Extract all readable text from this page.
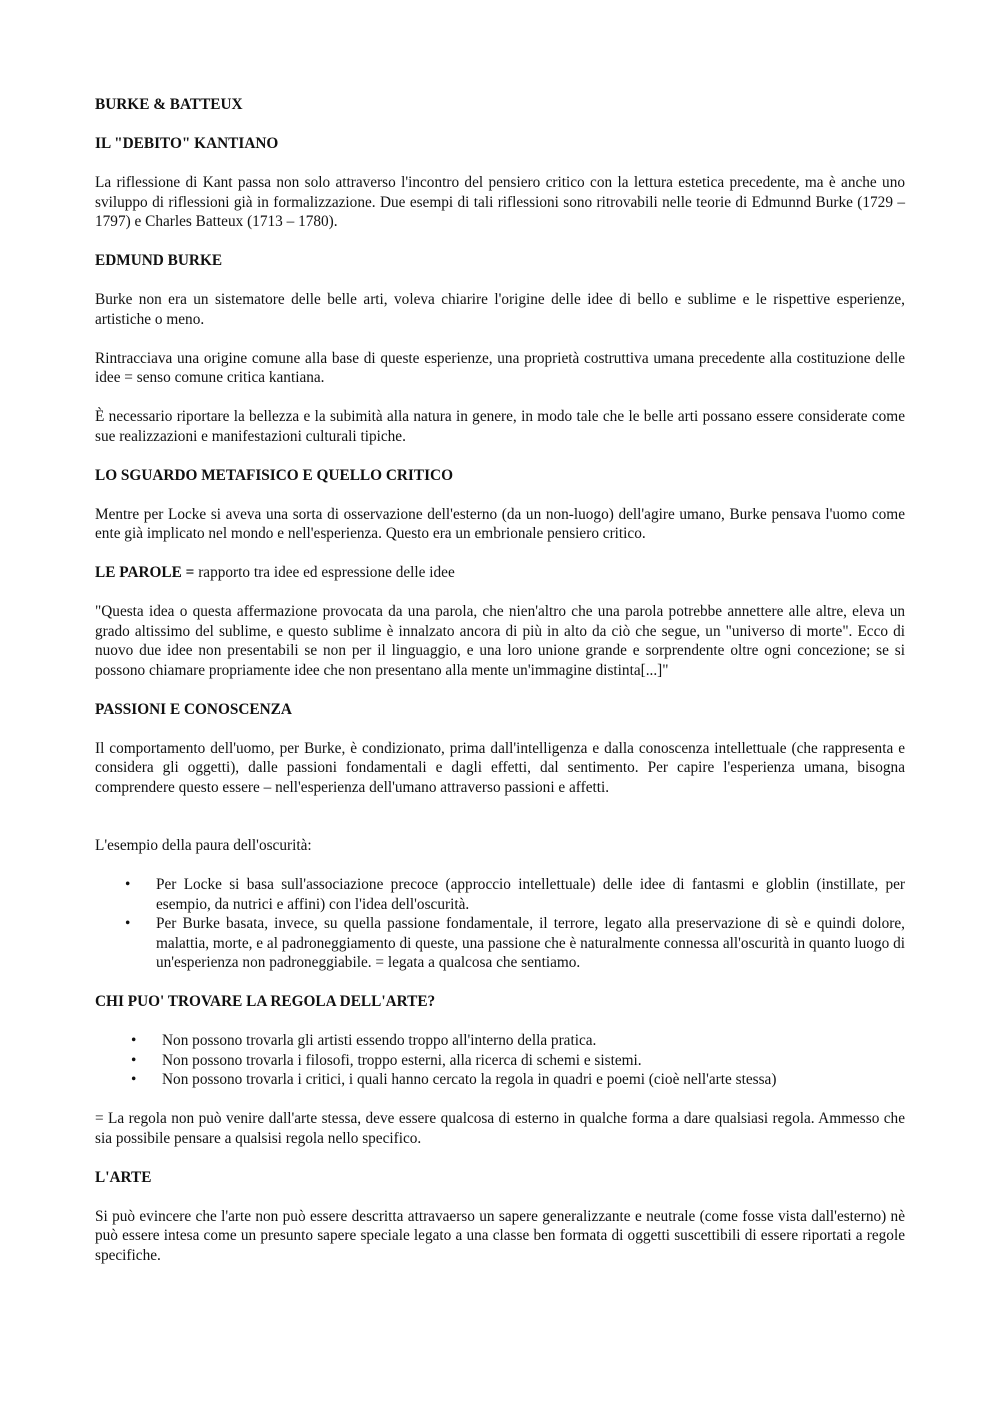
BURKE & BATTEUX
IL "DEBITO" KANTIANO

La riflessione di Kant passa non solo attraverso l'incontro del pensiero critico con la lettura estetica precedente, ma è anche uno sviluppo di riflessioni già in formalizzazione. Due esempi di tali riflessioni sono ritrovabili nelle teorie di Edmunnd Burke (1729 – 1797) e Charles Batteux (1713 – 1780).

EDMUND BURKE

Burke non era un sistematore delle belle arti, voleva chiarire l'origine delle idee di bello e sublime e le rispettive esperienze, artistiche o meno.

Rintracciava una origine comune alla base di queste esperienze, una proprietà costruttiva umana precedente alla costituzione delle idee = senso comune critica kantiana.

È necessario riportare la bellezza e la subimità alla natura in genere, in modo tale che le belle arti possano essere considerate come sue realizzazioni e manifestazioni culturali tipiche.

LO SGUARDO METAFISICO E QUELLO CRITICO

Mentre per Locke si aveva una sorta di osservazione dell'esterno (da un non-luogo) dell'agire umano, Burke pensava l'uomo come ente già implicato nel mondo e nell'esperienza. Questo era un embrionale pensiero critico.

LE PAROLE = rapporto tra idee ed espressione delle idee

"Questa idea o questa affermazione provocata da una parola, che nien'altro che una parola potrebbe annettere alle altre, eleva un grado altissimo del sublime, e questo sublime è innalzato ancora di più in alto da ciò che segue, un "universo di morte". Ecco di nuovo due idee non presentabili se non per il linguaggio, e una loro unione grande e sorprendente oltre ogni concezione; se si possono chiamare propriamente idee che non presentano alla mente un'immagine distinta[...]"

PASSIONI E CONOSCENZA

Il comportamento dell'uomo, per Burke, è condizionato, prima dall'intelligenza e dalla conoscenza intellettuale (che rappresenta e considera gli oggetti), dalle passioni fondamentali e dagli effetti, dal sentimento. Per capire l'esperienza umana, bisogna comprendere questo essere – nell'esperienza dell'umano attraverso passioni e affetti.

L'esempio della paura dell'oscurità:

• Per Locke si basa sull'associazione precoce (approccio intellettuale) delle idee di fantasmi e globlin (instillate, per esempio, da nutrici e affini) con l'idea dell'oscurità.
• Per Burke basata, invece, su quella passione fondamentale, il terrore, legato alla preservazione di sè e quindi dolore, malattia, morte, e al padroneggiamento di queste, una passione che è naturalmente connessa all'oscurità in quanto luogo di un'esperienza non padroneggiabile. = legata a qualcosa che sentiamo.
CHI PUO' TROVARE LA REGOLA DELL'ARTE?
• Non possono trovarla gli artisti essendo troppo all'interno della pratica.
• Non possono trovarla i filosofi, troppo esterni, alla ricerca di schemi e sistemi.
• Non possono trovarla i critici, i quali hanno cercato la regola in quadri e poemi (cioè nell'arte stessa)

= La regola non può venire dall'arte stessa, deve essere qualcosa di esterno in qualche forma a dare qualsiasi regola. Ammesso che sia possibile pensare a qualsisi regola nello specifico.

L'ARTE

Si può evincere che l'arte non può essere descritta attravaerso un sapere generalizzante e neutrale (come fosse vista dall'esterno) nè può essere intesa come un presunto sapere speciale legato a una classe ben formata di oggetti suscettibili di essere riportati a regole specifiche.
